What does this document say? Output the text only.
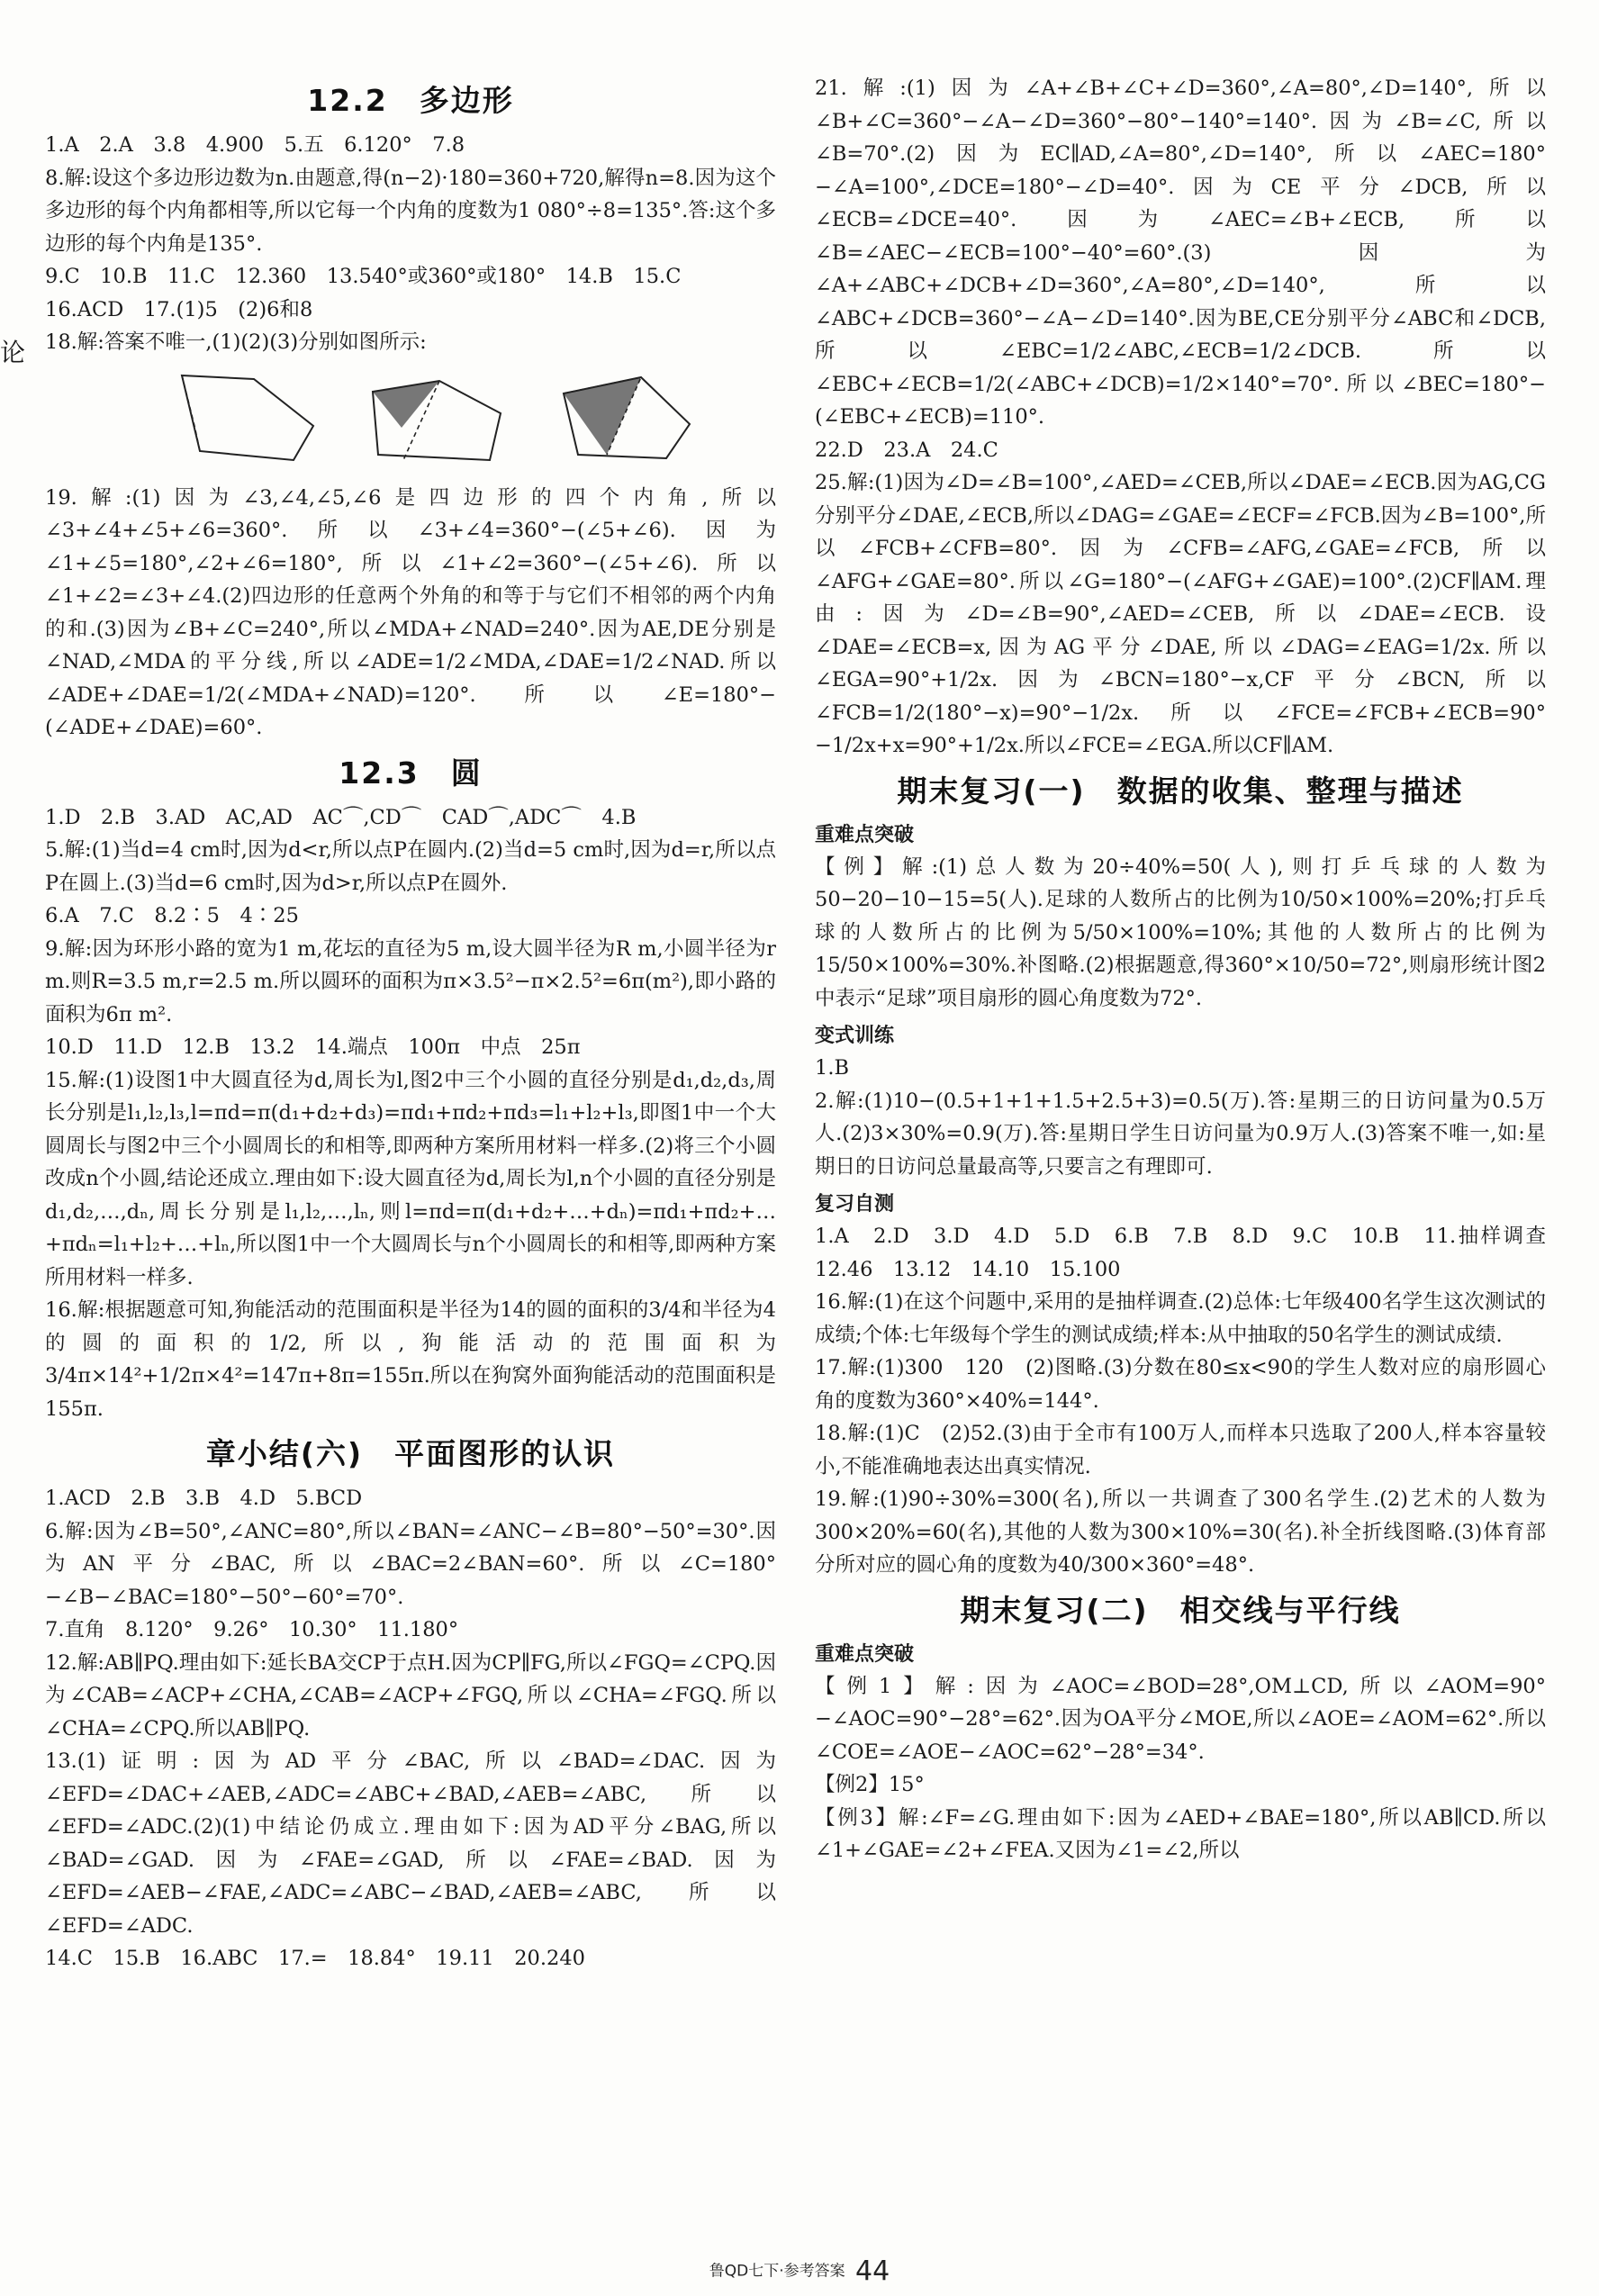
论
12.2　多边形

1.A　2.A　3.8　4.900　5.五　6.120°　7.8

8.解:设这个多边形边数为n.由题意,得(n−2)·180=360+720,解得n=8.因为这个多边形的每个内角都相等,所以它每一个内角的度数为1 080°÷8=135°.答:这个多边形的每个内角是135°.

9.C　10.B　11.C　12.360　13.540°或360°或180°　14.B　15.C

16.ACD　17.(1)5　(2)6和8

18.解:答案不唯一,(1)(2)(3)分别如图所示:

19.解:(1)因为∠3,∠4,∠5,∠6是四边形的四个内角,所以∠3+∠4+∠5+∠6=360°.所以∠3+∠4=360°−(∠5+∠6).因为∠1+∠5=180°,∠2+∠6=180°,所以∠1+∠2=360°−(∠5+∠6).所以∠1+∠2=∠3+∠4.(2)四边形的任意两个外角的和等于与它们不相邻的两个内角的和.(3)因为∠B+∠C=240°,所以∠MDA+∠NAD=240°.因为AE,DE分别是∠NAD,∠MDA的平分线,所以∠ADE=1/2∠MDA,∠DAE=1/2∠NAD.所以∠ADE+∠DAE=1/2(∠MDA+∠NAD)=120°.所以∠E=180°−(∠ADE+∠DAE)=60°.

12.3　圆

1.D　2.B　3.AD　AC,AD　AC⌒,CD⌒　CAD⌒,ADC⌒　4.B

5.解:(1)当d=4 cm时,因为d<r,所以点P在圆内.(2)当d=5 cm时,因为d=r,所以点P在圆上.(3)当d=6 cm时,因为d>r,所以点P在圆外.

6.A　7.C　8.2∶5　4∶25

9.解:因为环形小路的宽为1 m,花坛的直径为5 m,设大圆半径为R m,小圆半径为r m.则R=3.5 m,r=2.5 m.所以圆环的面积为π×3.5²−π×2.5²=6π(m²),即小路的面积为6π m².

10.D　11.D　12.B　13.2　14.端点　100π　中点　25π

15.解:(1)设图1中大圆直径为d,周长为l,图2中三个小圆的直径分别是d₁,d₂,d₃,周长分别是l₁,l₂,l₃,l=πd=π(d₁+d₂+d₃)=πd₁+πd₂+πd₃=l₁+l₂+l₃,即图1中一个大圆周长与图2中三个小圆周长的和相等,即两种方案所用材料一样多.(2)将三个小圆改成n个小圆,结论还成立.理由如下:设大圆直径为d,周长为l,n个小圆的直径分别是d₁,d₂,…,dₙ,周长分别是l₁,l₂,…,lₙ,则l=πd=π(d₁+d₂+…+dₙ)=πd₁+πd₂+…+πdₙ=l₁+l₂+…+lₙ,所以图1中一个大圆周长与n个小圆周长的和相等,即两种方案所用材料一样多.

16.解:根据题意可知,狗能活动的范围面积是半径为14的圆的面积的3/4和半径为4的圆的面积的1/2,所以,狗能活动的范围面积为3/4π×14²+1/2π×4²=147π+8π=155π.所以在狗窝外面狗能活动的范围面积是155π.

章小结(六)　平面图形的认识

1.ACD　2.B　3.B　4.D　5.BCD

6.解:因为∠B=50°,∠ANC=80°,所以∠BAN=∠ANC−∠B=80°−50°=30°.因为AN平分∠BAC,所以∠BAC=2∠BAN=60°.所以∠C=180°−∠B−∠BAC=180°−50°−60°=70°.

7.直角　8.120°　9.26°　10.30°　11.180°

12.解:AB∥PQ.理由如下:延长BA交CP于点H.因为CP∥FG,所以∠FGQ=∠CPQ.因为∠CAB=∠ACP+∠CHA,∠CAB=∠ACP+∠FGQ,所以∠CHA=∠FGQ.所以∠CHA=∠CPQ.所以AB∥PQ.

13.(1)证明:因为AD平分∠BAC,所以∠BAD=∠DAC.因为∠EFD=∠DAC+∠AEB,∠ADC=∠ABC+∠BAD,∠AEB=∠ABC,所以∠EFD=∠ADC.(2)(1)中结论仍成立.理由如下:因为AD平分∠BAG,所以∠BAD=∠GAD.因为∠FAE=∠GAD,所以∠FAE=∠BAD.因为∠EFD=∠AEB−∠FAE,∠ADC=∠ABC−∠BAD,∠AEB=∠ABC,所以∠EFD=∠ADC.

14.C　15.B　16.ABC　17.=　18.84°　19.11　20.240

21.解:(1)因为∠A+∠B+∠C+∠D=360°,∠A=80°,∠D=140°,所以∠B+∠C=360°−∠A−∠D=360°−80°−140°=140°.因为∠B=∠C,所以∠B=70°.(2)因为EC∥AD,∠A=80°,∠D=140°,所以∠AEC=180°−∠A=100°,∠DCE=180°−∠D=40°.因为CE平分∠DCB,所以∠ECB=∠DCE=40°.因为∠AEC=∠B+∠ECB,所以∠B=∠AEC−∠ECB=100°−40°=60°.(3)因为∠A+∠ABC+∠DCB+∠D=360°,∠A=80°,∠D=140°,所以∠ABC+∠DCB=360°−∠A−∠D=140°.因为BE,CE分别平分∠ABC和∠DCB,所以∠EBC=1/2∠ABC,∠ECB=1/2∠DCB.所以∠EBC+∠ECB=1/2(∠ABC+∠DCB)=1/2×140°=70°.所以∠BEC=180°−(∠EBC+∠ECB)=110°.

22.D　23.A　24.C

25.解:(1)因为∠D=∠B=100°,∠AED=∠CEB,所以∠DAE=∠ECB.因为AG,CG分别平分∠DAE,∠ECB,所以∠DAG=∠GAE=∠ECF=∠FCB.因为∠B=100°,所以∠FCB+∠CFB=80°.因为∠CFB=∠AFG,∠GAE=∠FCB,所以∠AFG+∠GAE=80°.所以∠G=180°−(∠AFG+∠GAE)=100°.(2)CF∥AM.理由:因为∠D=∠B=90°,∠AED=∠CEB,所以∠DAE=∠ECB.设∠DAE=∠ECB=x,因为AG平分∠DAE,所以∠DAG=∠EAG=1/2x.所以∠EGA=90°+1/2x.因为∠BCN=180°−x,CF平分∠BCN,所以∠FCB=1/2(180°−x)=90°−1/2x.所以∠FCE=∠FCB+∠ECB=90°−1/2x+x=90°+1/2x.所以∠FCE=∠EGA.所以CF∥AM.

期末复习(一)　数据的收集、整理与描述
重难点突破

【例】解:(1)总人数为20÷40%=50(人),则打乒乓球的人数为50−20−10−15=5(人).足球的人数所占的比例为10/50×100%=20%;打乒乓球的人数所占的比例为5/50×100%=10%;其他的人数所占的比例为15/50×100%=30%.补图略.(2)根据题意,得360°×10/50=72°,则扇形统计图2中表示“足球”项目扇形的圆心角度数为72°.

变式训练

1.B

2.解:(1)10−(0.5+1+1+1.5+2.5+3)=0.5(万).答:星期三的日访问量为0.5万人.(2)3×30%=0.9(万).答:星期日学生日访问量为0.9万人.(3)答案不唯一,如:星期日的日访问总量最高等,只要言之有理即可.

复习自测

1.A　2.D　3.D　4.D　5.D　6.B　7.B　8.D　9.C　10.B　11.抽样调查　12.46　13.12　14.10　15.100

16.解:(1)在这个问题中,采用的是抽样调查.(2)总体:七年级400名学生这次测试的成绩;个体:七年级每个学生的测试成绩;样本:从中抽取的50名学生的测试成绩.

17.解:(1)300　120　(2)图略.(3)分数在80≤x<90的学生人数对应的扇形圆心角的度数为360°×40%=144°.

18.解:(1)C　(2)52.(3)由于全市有100万人,而样本只选取了200人,样本容量较小,不能准确地表达出真实情况.

19.解:(1)90÷30%=300(名),所以一共调查了300名学生.(2)艺术的人数为300×20%=60(名),其他的人数为300×10%=30(名).补全折线图略.(3)体育部分所对应的圆心角的度数为40/300×360°=48°.

期末复习(二)　相交线与平行线
重难点突破

【例1】解:因为∠AOC=∠BOD=28°,OM⊥CD,所以∠AOM=90°−∠AOC=90°−28°=62°.因为OA平分∠MOE,所以∠AOE=∠AOM=62°.所以∠COE=∠AOE−∠AOC=62°−28°=34°.

【例2】15°

【例3】解:∠F=∠G.理由如下:因为∠AED+∠BAE=180°,所以AB∥CD.所以∠1+∠GAE=∠2+∠FEA.又因为∠1=∠2,所以

鲁QD七下·参考答案 44
